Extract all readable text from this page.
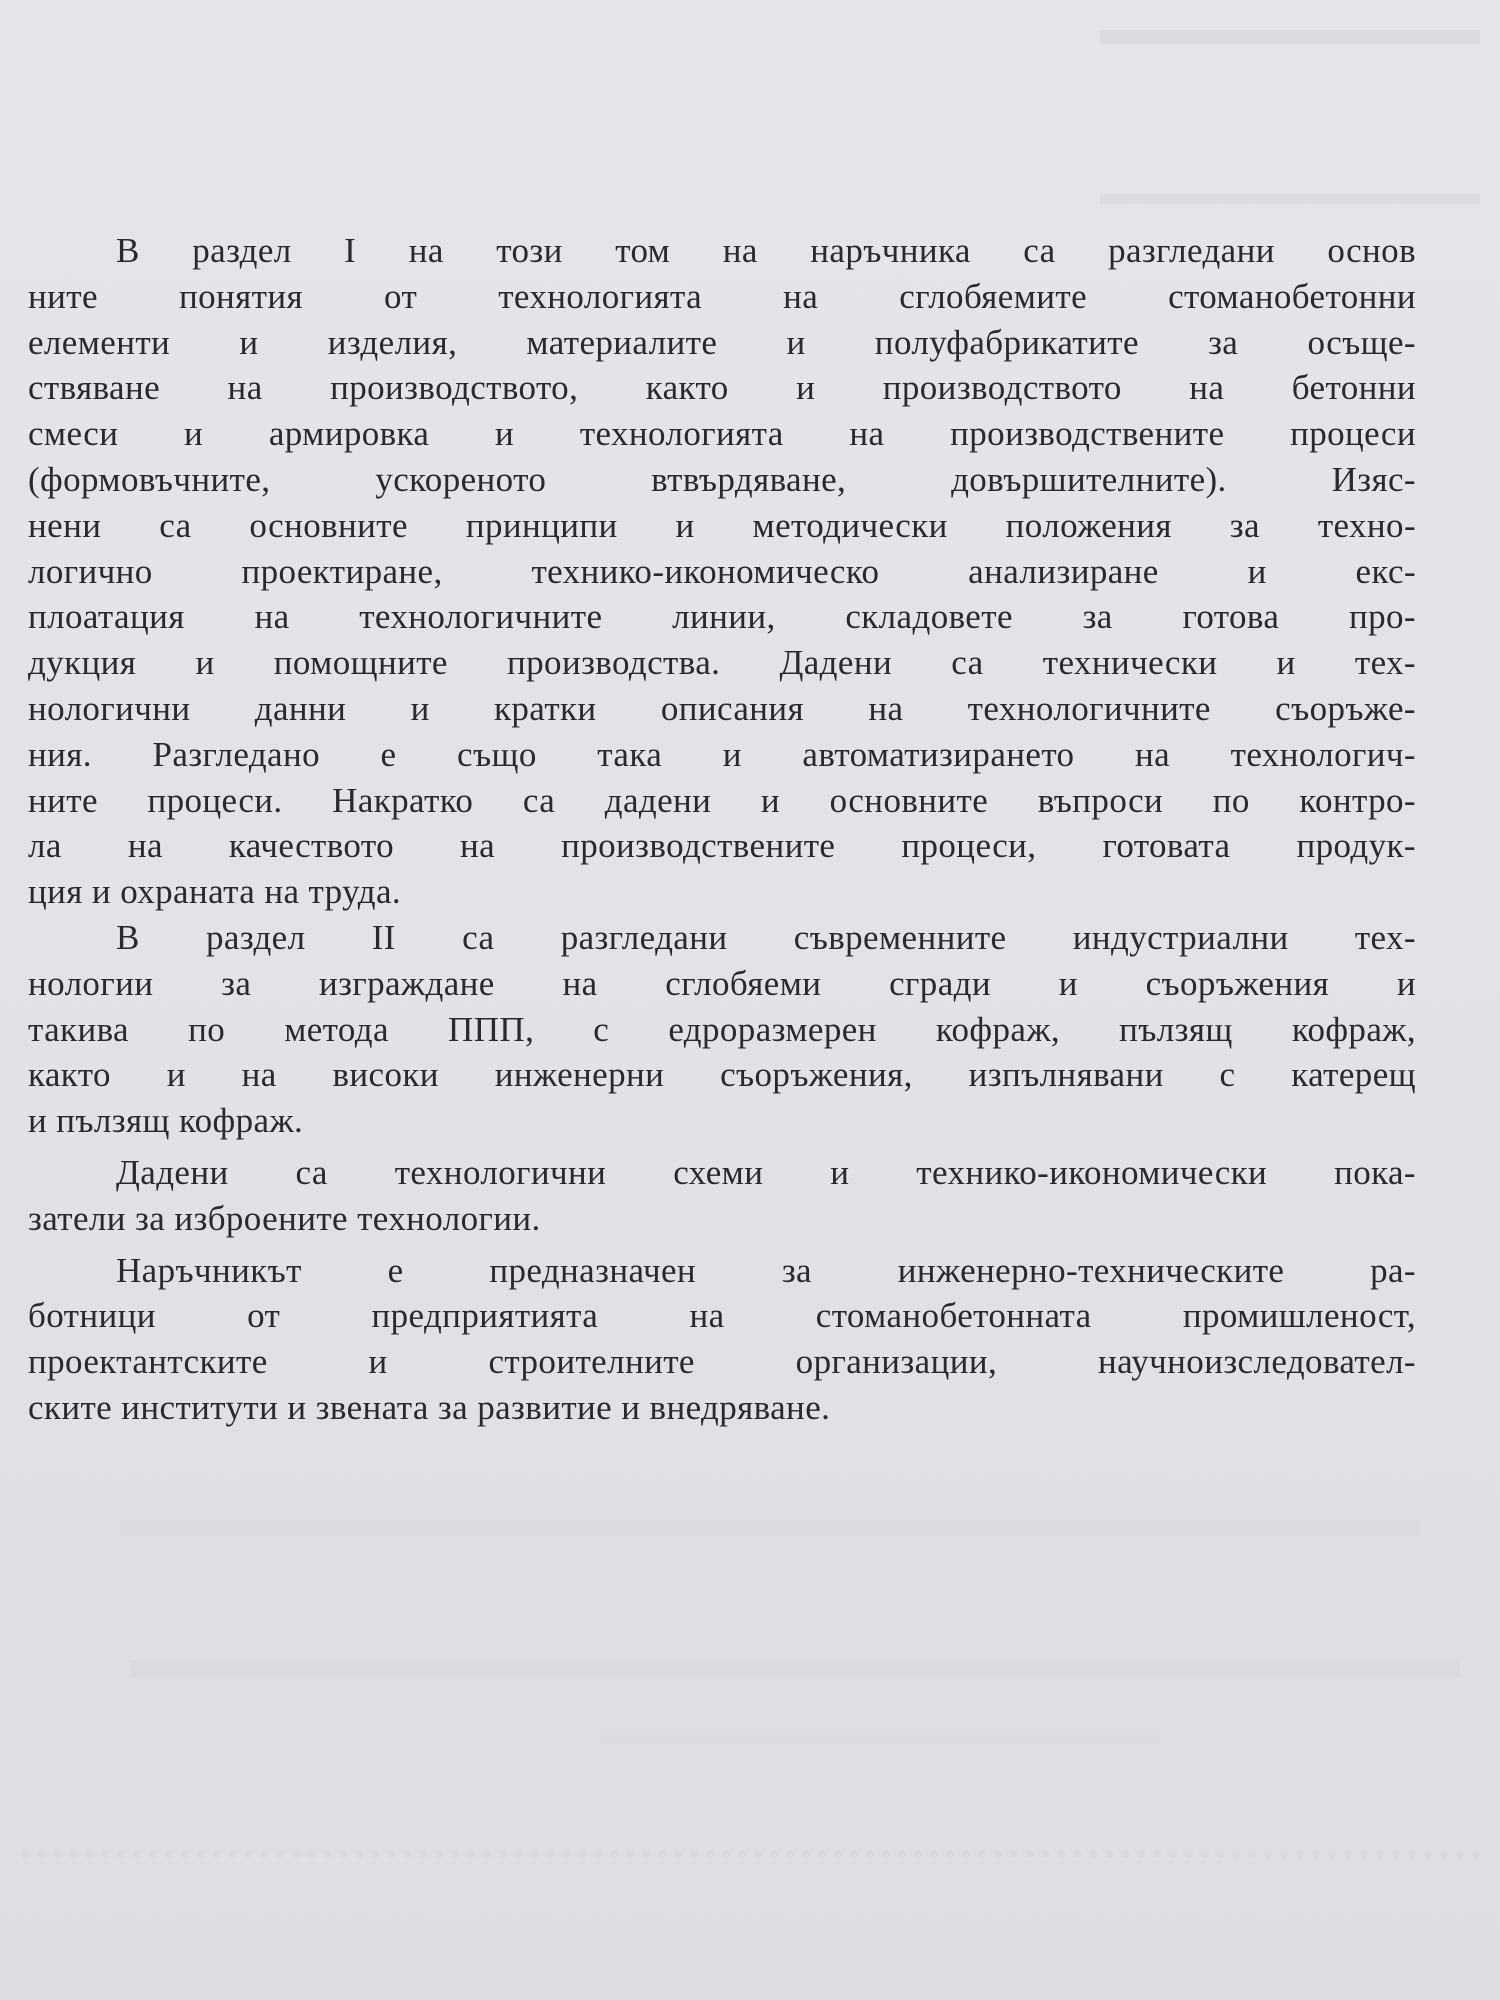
В раздел I на този том на наръчника са разгледани основ
ните понятия от технологията на сглобяемите стоманобетонни
елементи и изделия, материалите и полуфабрикатите за осъще-
ствяване на производството, както и производството на бетонни
смеси и армировка и технологията на производствените процеси
(формовъчните, ускореното втвърдяване, довършителните). Изяс-
нени са основните принципи и методически положения за техно-
логично проектиране, технико-икономическо анализиране и екс-
плоатация на технологичните линии, складовете за готова про-
дукция и помощните производства. Дадени са технически и тех-
нологични данни и кратки описания на технологичните съоръже-
ния. Разгледано е също така и автоматизирането на технологич-
ните процеси. Накратко са дадени и основните въпроси по контро-
ла на качеството на производствените процеси, готовата продук-
ция и охраната на труда.
В раздел II са разгледани съвременните индустриални тех-
нологии за изграждане на сглобяеми сгради и съоръжения и
такива по метода ППП, с едроразмерен кофраж, пълзящ кофраж,
както и на високи инженерни съоръжения, изпълнявани с катерещ
и пълзящ кофраж.
Дадени са технологични схеми и технико-икономически пока-
затели за изброените технологии.
Наръчникът е предназначен за инженерно-техническите ра-
ботници от предприятията на стоманобетонната промишленост,
проектантските и строителните организации, научноизследовател-
ските институти и звената за развитие и внедряване.
